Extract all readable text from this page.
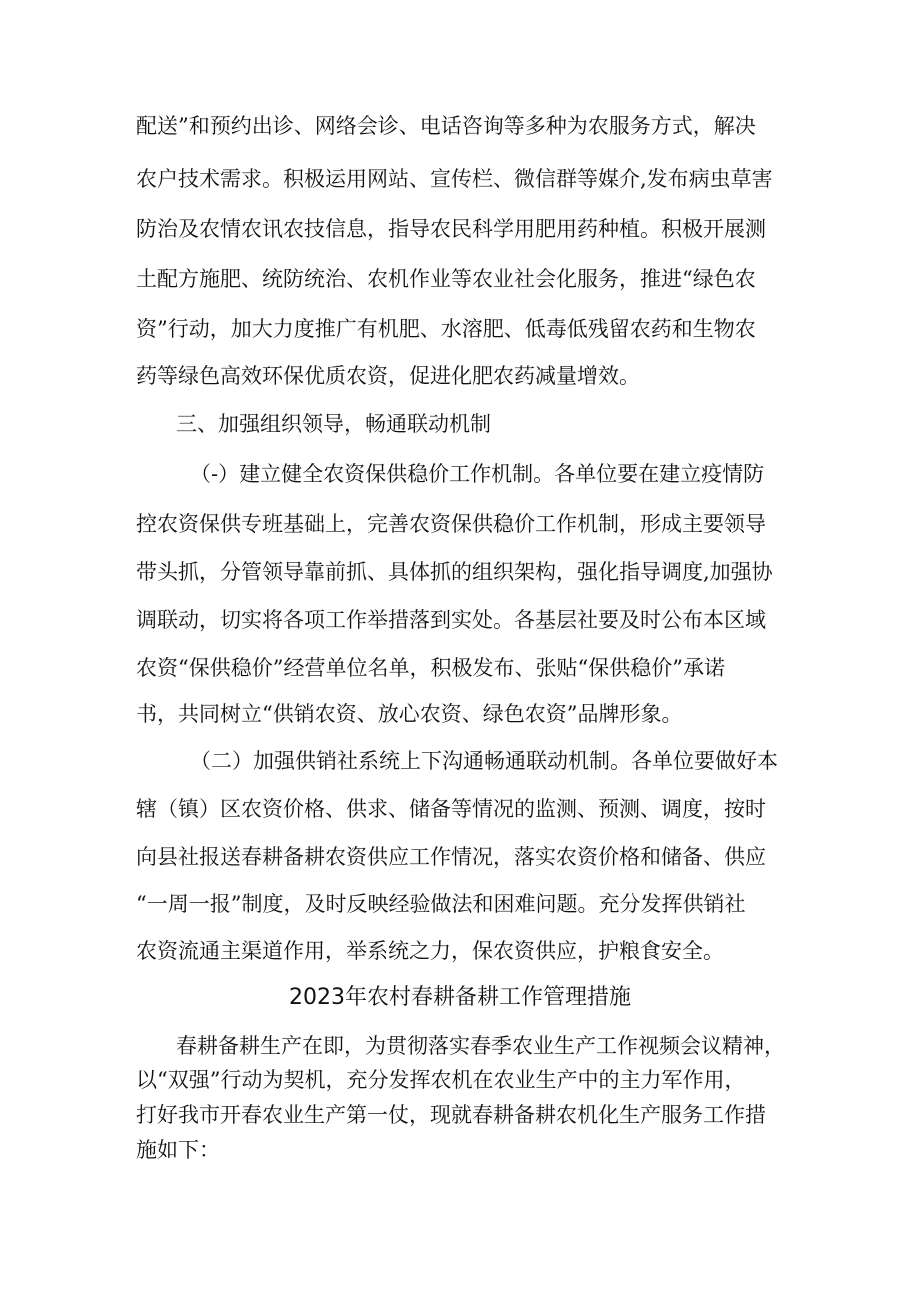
配送”和预约出诊、网络会诊、电话咨询等多种为农服务方式，解决
农户技术需求。积极运用网站、宣传栏、微信群等媒介,发布病虫草害
防治及农情农讯农技信息，指导农民科学用肥用药种植。积极开展测
土配方施肥、统防统治、农机作业等农业社会化服务，推进“绿色农
资”行动，加大力度推广有机肥、水溶肥、低毒低残留农药和生物农
药等绿色高效环保优质农资，促进化肥农药减量增效。
三、加强组织领导，畅通联动机制
（-）建立健全农资保供稳价工作机制。各单位要在建立疫情防
控农资保供专班基础上，完善农资保供稳价工作机制，形成主要领导
带头抓，分管领导靠前抓、具体抓的组织架构，强化指导调度,加强协
调联动，切实将各项工作举措落到实处。各基层社要及时公布本区域
农资“保供稳价”经营单位名单，积极发布、张贴“保供稳价”承诺
书，共同树立“供销农资、放心农资、绿色农资”品牌形象。
（二）加强供销社系统上下沟通畅通联动机制。各单位要做好本
辖（镇）区农资价格、供求、储备等情况的监测、预测、调度，按时
向县社报送春耕备耕农资供应工作情况，落实农资价格和储备、供应
“一周一报”制度，及时反映经验做法和困难问题。充分发挥供销社
农资流通主渠道作用，举系统之力，保农资供应，护粮食安全。
2023年农村春耕备耕工作管理措施
春耕备耕生产在即，为贯彻落实春季农业生产工作视频会议精神，
以“双强”行动为契机，充分发挥农机在农业生产中的主力军作用，
打好我市开春农业生产第一仗，现就春耕备耕农机化生产服务工作措
施如下：
